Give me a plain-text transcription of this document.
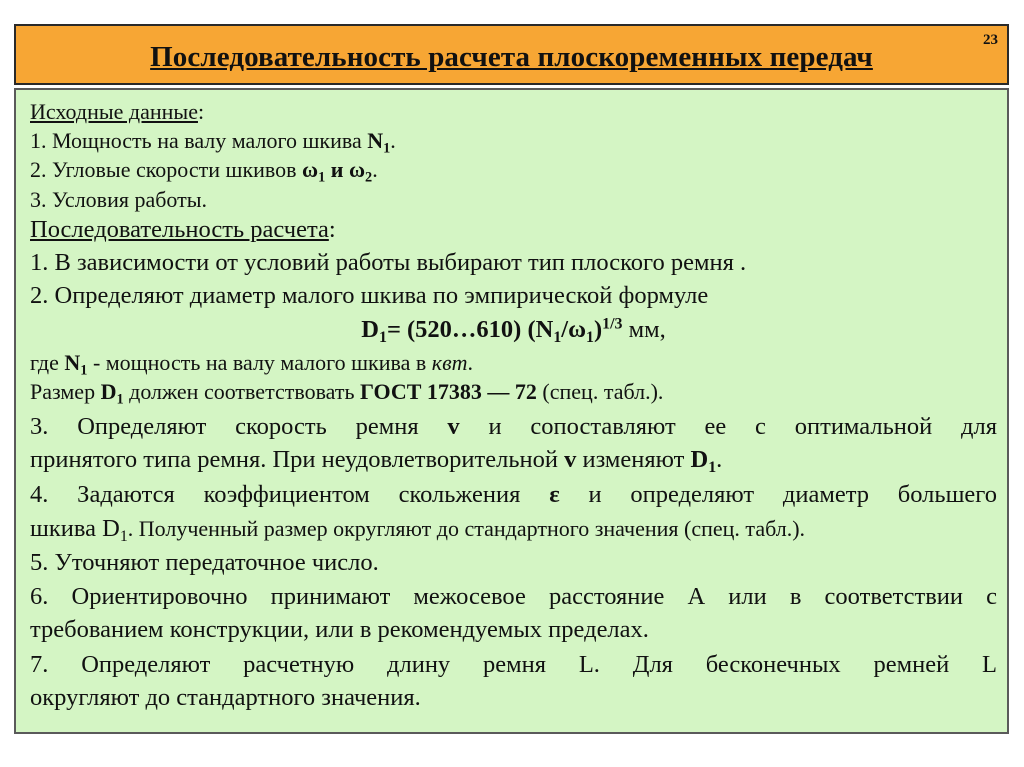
Последовательность расчета плоскоременных передач
23
Исходные данные:
1. Мощность на валу малого шкива $N_1$.
2. Угловые скорости шкивов $\omega_1$ и $\omega_2$.
3. Условия работы.
Последовательность расчета:
1. В зависимости от условий работы выбирают тип плоского ремня .
2. Определяют диаметр малого шкива по эмпирической формуле
$D_1=$ (520…610) $(N_1/\omega_1)^{1/3}$ мм,
где $N_1$ - мощность на валу малого шкива в квт.
Размер $D_1$ должен соответствовать ГОСТ 17383 — 72 (спец. табл.).
3. Определяют скорость ремня v и сопоставляют ее с оптимальной для
принятого типа ремня. При неудовлетворительной v изменяют $D_1$.
4. Задаются коэффициентом скольжения ε и определяют диаметр большего
шкива $D_1$. Полученный размер округляют до стандартного значения (спец. табл.).
5. Уточняют передаточное число.
6. Ориентировочно принимают межосевое расстояние А или в соответствии с
требованием конструкции, или в рекомендуемых пределах.
7. Определяют расчетную длину ремня L. Для бесконечных ремней L
округляют до стандартного значения.
